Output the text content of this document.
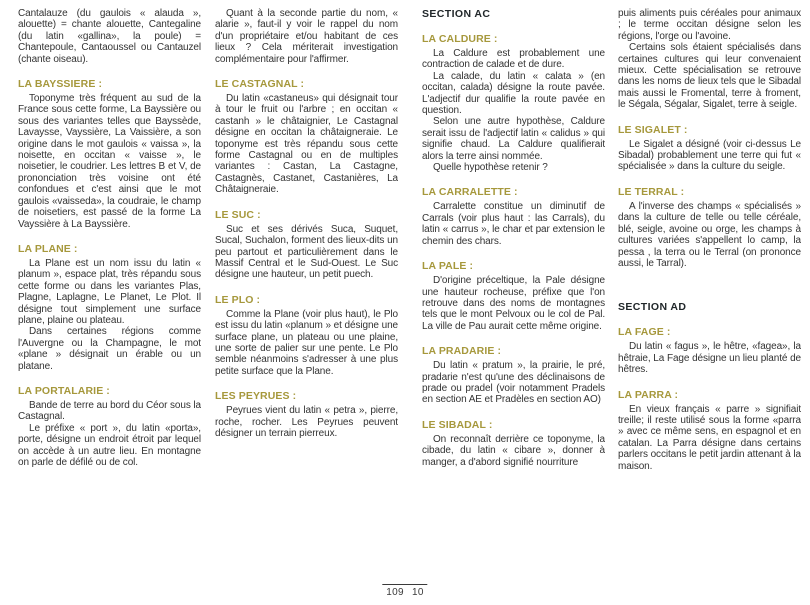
Cantalauze (du gaulois « alauda », alouette) = chante alouette, Cantegaline (du latin «gallina», la poule) = Chantepoule, Cantaoussel ou Cantauzel (chante oiseau).
LA BAYSSIERE :
Toponyme très fréquent au sud de la France sous cette forme, La Bayssière ou sous des variantes telles que Bayssède, Lavaysse, Vayssière, La Vaissière, a son origine dans le mot gaulois « vaissa », la noisette, en occitan « vaisse », le noisetier, le coudrier. Les lettres B et V, de prononciation très voisine ont été confondues et c'est ainsi que le mot gaulois «vaisseda», la coudraie, le champ de noisetiers, est passé de la forme La Vayssière à La Bayssière.
LA PLANE :
La Plane est un nom issu du latin « planum », espace plat, très répandu sous cette forme ou dans les variantes Plas, Plagne, Laplagne, Le Planet, Le Plot. Il désigne tout simplement une surface plane, plaine ou plateau.
Dans certaines régions comme l'Auvergne ou la Champagne, le mot «plane » désignait un érable ou un platane.
LA PORTALARIE :
Bande de terre au bord du Céor sous la Castagnal.
Le préfixe « port », du latin «porta», porte, désigne un endroit étroit par lequel on accède à un autre lieu. En montagne on parle de défilé ou de col.
Quant à la seconde partie du nom, « alarie », faut-il y voir le rappel du nom d'un propriétaire et/ou habitant de ces lieux ? Cela mériterait investigation complémentaire pour l'affirmer.
LE CASTAGNAL :
Du latin «castaneus» qui désignait tour à tour le fruit ou l'arbre ; en occitan « castanh » le châtaignier, Le Castagnal désigne en occitan la châtaigneraie. Le toponyme est très répandu sous cette forme Castagnal ou en de multiples variantes : Castan, La Castagne, Castagnès, Castanet, Castanières, La Châtaigneraie.
LE SUC :
Suc et ses dérivés Suca, Suquet, Sucal, Suchalon, forment des lieux-dits un peu partout et particulièrement dans le Massif Central et le Sud-Ouest. Le Suc désigne une hauteur, un petit puech.
LE PLO :
Comme la Plane (voir plus haut), le Plo est issu du latin «planum » et désigne une surface plane, un plateau ou une plaine, une sorte de palier sur une pente. Le Plo semble néanmoins s'adresser à une plus petite surface que la Plane.
LES PEYRUES :
Peyrues vient du latin « petra », pierre, roche, rocher. Les Peyrues peuvent désigner un terrain pierreux.
SECTION AC
LA CALDURE :
La Caldure est probablement une contraction de calade et de dure.
La calade, du latin « calata » (en occitan, calada) désigne la route pavée. L'adjectif dur qualifie la route pavée en question.
Selon une autre hypothèse, Caldure serait issu de l'adjectif latin « calidus » qui signifie chaud. La Caldure qualifierait alors la terre ainsi nommée.
Quelle hypothèse retenir ?
LA CARRALETTE :
Carralette constitue un diminutif de Carrals (voir plus haut : las Carrals), du latin « carrus », le char et par extension le chemin des chars.
LA PALE :
D'origine préceltique, la Pale désigne une hauteur rocheuse, préfixe que l'on retrouve dans des noms de montagnes tels que le mont Pelvoux ou le col de Pal. La ville de Pau aurait cette même origine.
LA PRADARIE :
Du latin « pratum », la prairie, le pré, pradarie n'est qu'une des déclinaisons de prade ou pradel (voir notamment Pradels en section AE et Pradèles en section AO)
LE SIBADAL :
On reconnaît derrière ce toponyme, la cibade, du latin « cibare », donner à manger, a d'abord signifié nourriture
puis aliments puis céréales pour animaux ; le terme occitan désigne selon les régions, l'orge ou l'avoine.
Certains sols étaient spécialisés dans certaines cultures qui leur convenaient mieux. Cette spécialisation se retrouve dans les noms de lieux tels que le Sibadal mais aussi le Fromental, terre à froment, le Ségala, Ségalar, Sigalet, terre à seigle.
LE SIGALET :
Le Sigalet a désigné (voir ci-dessus Le Sibadal) probablement une terre qui fut « spécialisée » dans la culture du seigle.
LE TERRAL :
A l'inverse des champs « spécialisés » dans la culture de telle ou telle céréale, blé, seigle, avoine ou orge, les champs à cultures variées s'appellent lo camp, la pessa , la terra ou le Terral (on prononce aussi, le Tarral).
SECTION AD
LA FAGE :
Du latin « fagus », le hêtre, «fagea», la hêtraie, La Fage désigne un lieu planté de hêtres.
LA PARRA :
En vieux français « parre » signifiait treille; il reste utilisé sous la forme «parra » avec ce même sens, en espagnol et en catalan. La Parra désigne dans certains parlers occitans le petit jardin attenant à la maison.
109 10
